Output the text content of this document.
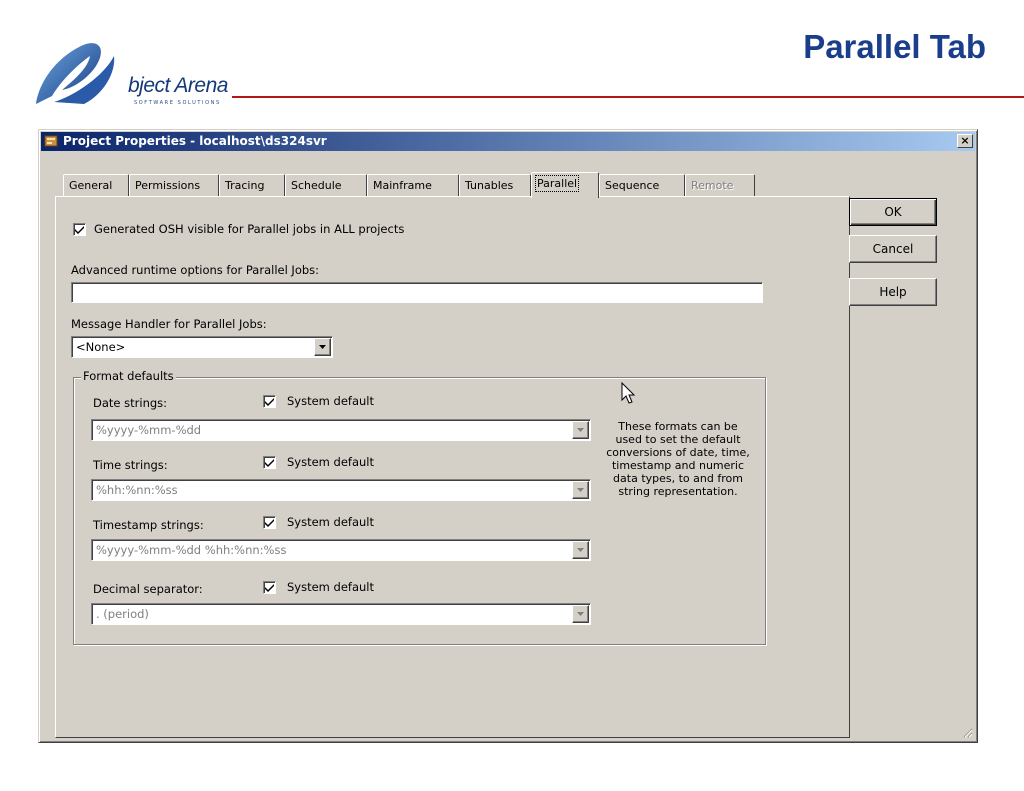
bject Arena
SOFTWARE SOLUTIONS
Parallel Tab
Project Properties - localhost\ds324svr	×
General	Permissions	Tracing	Schedule	Mainframe	Tunables	Parallel	Sequence	Remote
Generated OSH visible for Parallel jobs in ALL projects
Advanced runtime options for Parallel Jobs:
Message Handler for Parallel Jobs:
<None>
Format defaults
Date strings:	System default
%yyyy-%mm-%dd
Time strings:	System default
%hh:%nn:%ss
Timestamp strings:	System default
%yyyy-%mm-%dd %hh:%nn:%ss
Decimal separator:	System default
. (period)
These formats can be used to set the default conversions of date, time, timestamp and numeric data types, to and from string representation.
OK
Cancel
Help
